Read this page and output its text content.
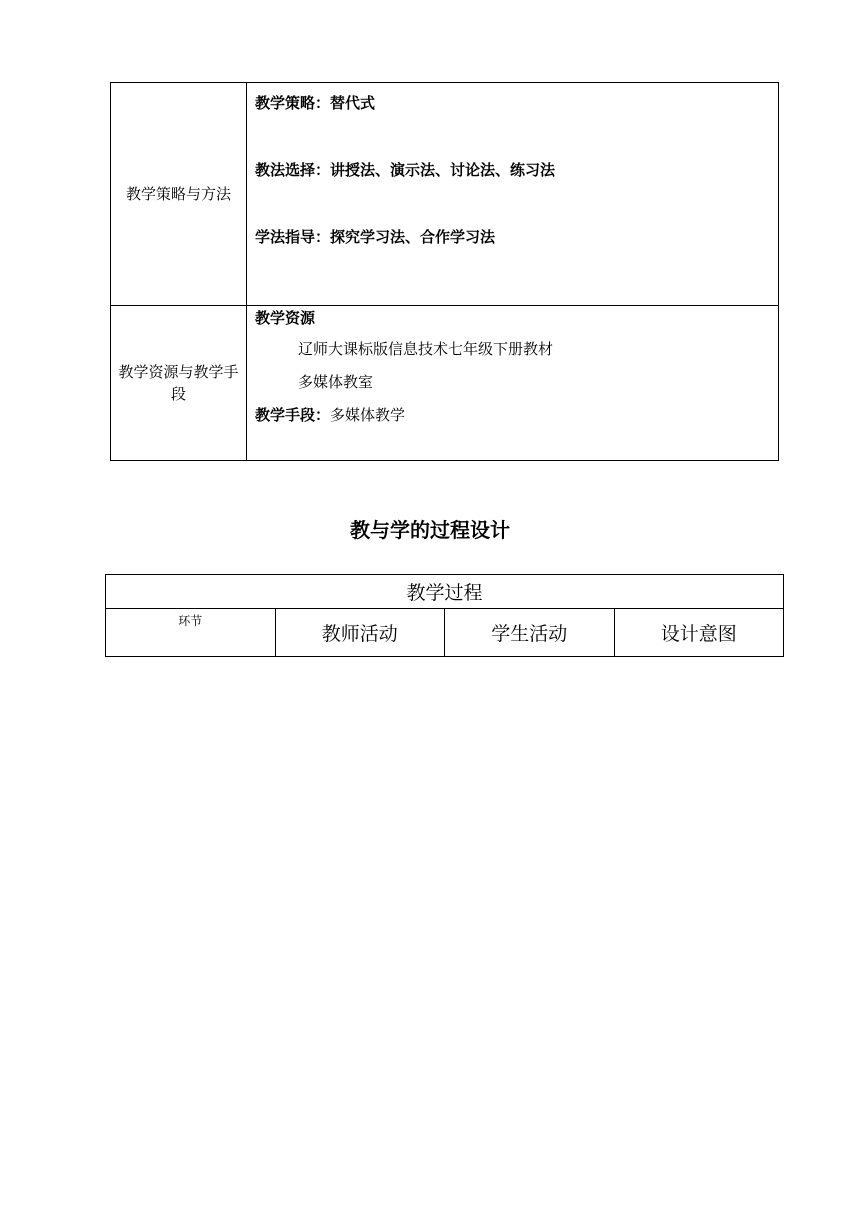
教学策略与方法	教学策略：替代式
教法选择：讲授法、演示法、讨论法、练习法
学法指导：探究学习法、合作学习法

教学资源与教学手段	教学资源
辽师大课标版信息技术七年级下册教材
多媒体教室
教学手段：多媒体教学
教与学的过程设计
教学过程
环节	教师活动	学生活动	设计意图
